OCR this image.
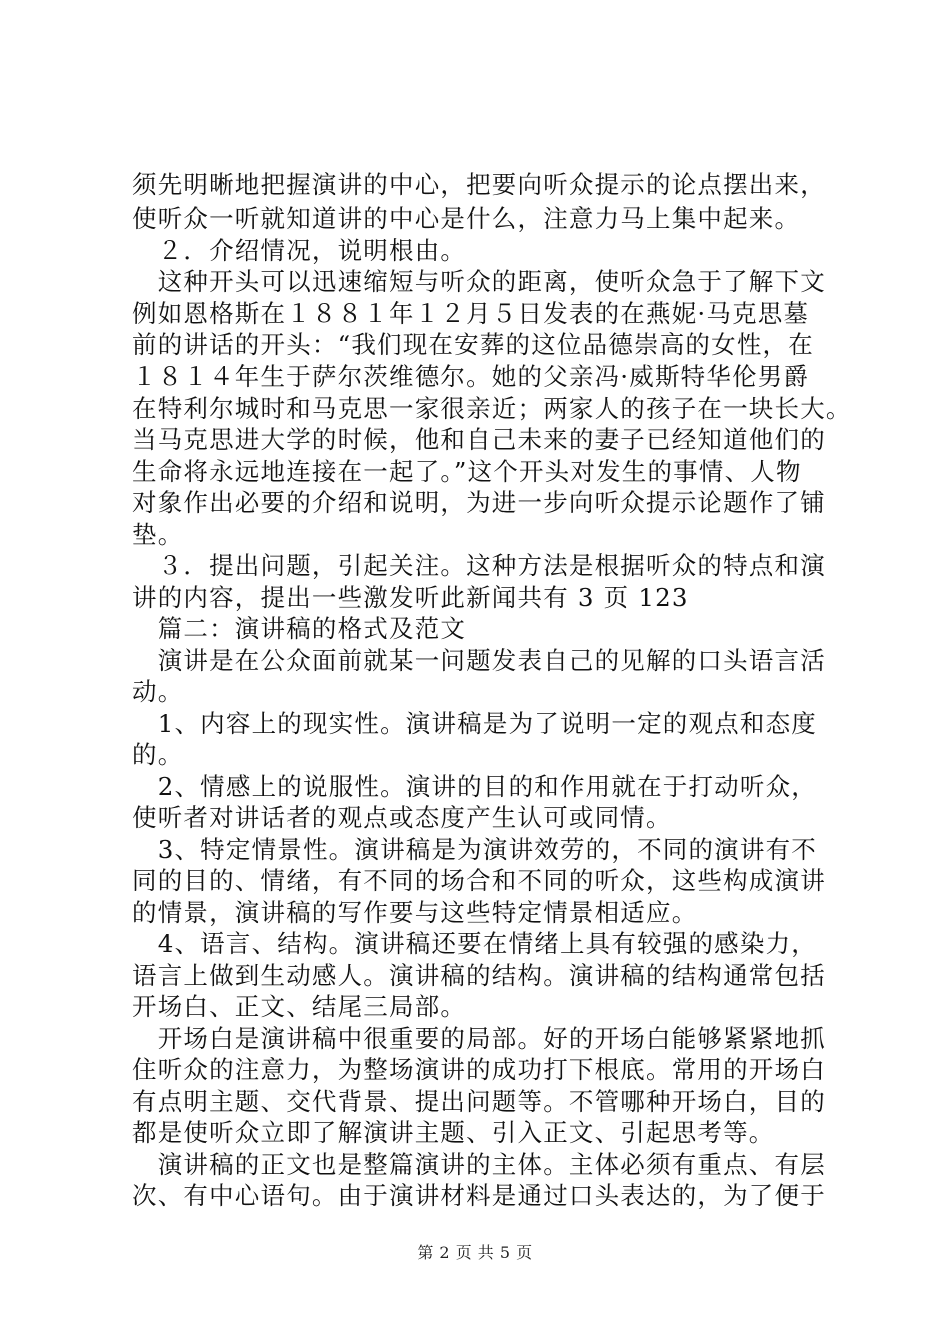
须先明晰地把握演讲的中心，把要向听众提示的论点摆出来，
使听众一听就知道讲的中心是什么，注意力马上集中起来。
　２．介绍情况，说明根由。
　这种开头可以迅速缩短与听众的距离，使听众急于了解下文
例如恩格斯在１８８１年１２月５日发表的在燕妮·马克思墓
前的讲话的开头：“我们现在安葬的这位品德崇高的女性，在
１８１４年生于萨尔茨维德尔。她的父亲冯·威斯特华伦男爵
在特利尔城时和马克思一家很亲近；两家人的孩子在一块长大。
当马克思进大学的时候，他和自己未来的妻子已经知道他们的
生命将永远地连接在一起了。”这个开头对发生的事情、人物
对象作出必要的介绍和说明，为进一步向听众提示论题作了铺
垫。
　３．提出问题，引起关注。这种方法是根据听众的特点和演
讲的内容，提出一些激发听此新闻共有 3 页 123
　篇二：演讲稿的格式及范文
　演讲是在公众面前就某一问题发表自己的见解的口头语言活
动。
　1、内容上的现实性。演讲稿是为了说明一定的观点和态度
的。
　2、情感上的说服性。演讲的目的和作用就在于打动听众，
使听者对讲话者的观点或态度产生认可或同情。
　3、特定情景性。演讲稿是为演讲效劳的，不同的演讲有不
同的目的、情绪，有不同的场合和不同的听众，这些构成演讲
的情景，演讲稿的写作要与这些特定情景相适应。
　4、语言、结构。演讲稿还要在情绪上具有较强的感染力，
语言上做到生动感人。演讲稿的结构。演讲稿的结构通常包括
开场白、正文、结尾三局部。
　开场白是演讲稿中很重要的局部。好的开场白能够紧紧地抓
住听众的注意力，为整场演讲的成功打下根底。常用的开场白
有点明主题、交代背景、提出问题等。不管哪种开场白，目的
都是使听众立即了解演讲主题、引入正文、引起思考等。
　演讲稿的正文也是整篇演讲的主体。主体必须有重点、有层
次、有中心语句。由于演讲材料是通过口头表达的，为了便于
第 2 页 共 5 页
